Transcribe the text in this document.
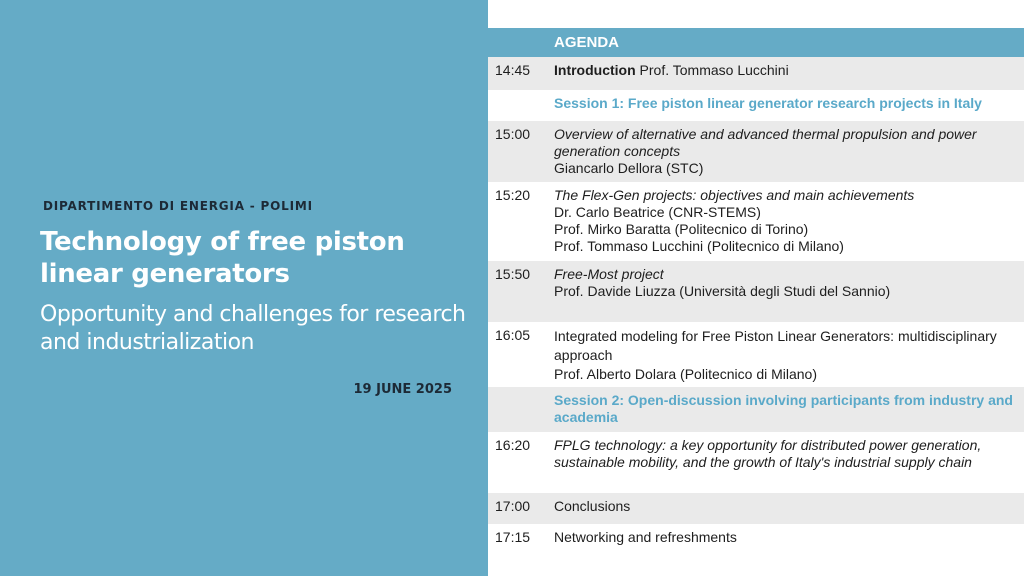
DIPARTIMENTO DI ENERGIA - POLIMI
Technology of free piston linear generators
Opportunity and challenges for research and industrialization
19 JUNE 2025
AGENDA
14:45 Introduction Prof. Tommaso Lucchini
Session 1: Free piston linear generator research projects in Italy
15:00 Overview of alternative and advanced thermal propulsion and power generation concepts
Giancarlo Dellora (STC)
15:20 The Flex-Gen projects: objectives and main achievements
Dr. Carlo Beatrice (CNR-STEMS)
Prof. Mirko Baratta (Politecnico di Torino)
Prof. Tommaso Lucchini (Politecnico di Milano)
15:50 Free-Most project
Prof. Davide Liuzza (Università degli Studi del Sannio)
16:05 Integrated modeling for Free Piston Linear Generators: multidisciplinary approach
Prof. Alberto Dolara (Politecnico di Milano)
Session 2: Open-discussion involving participants from industry and academia
16:20 FPLG technology: a key opportunity for distributed power generation, sustainable mobility, and the growth of Italy's industrial supply chain
17:00 Conclusions
17:15 Networking and refreshments
